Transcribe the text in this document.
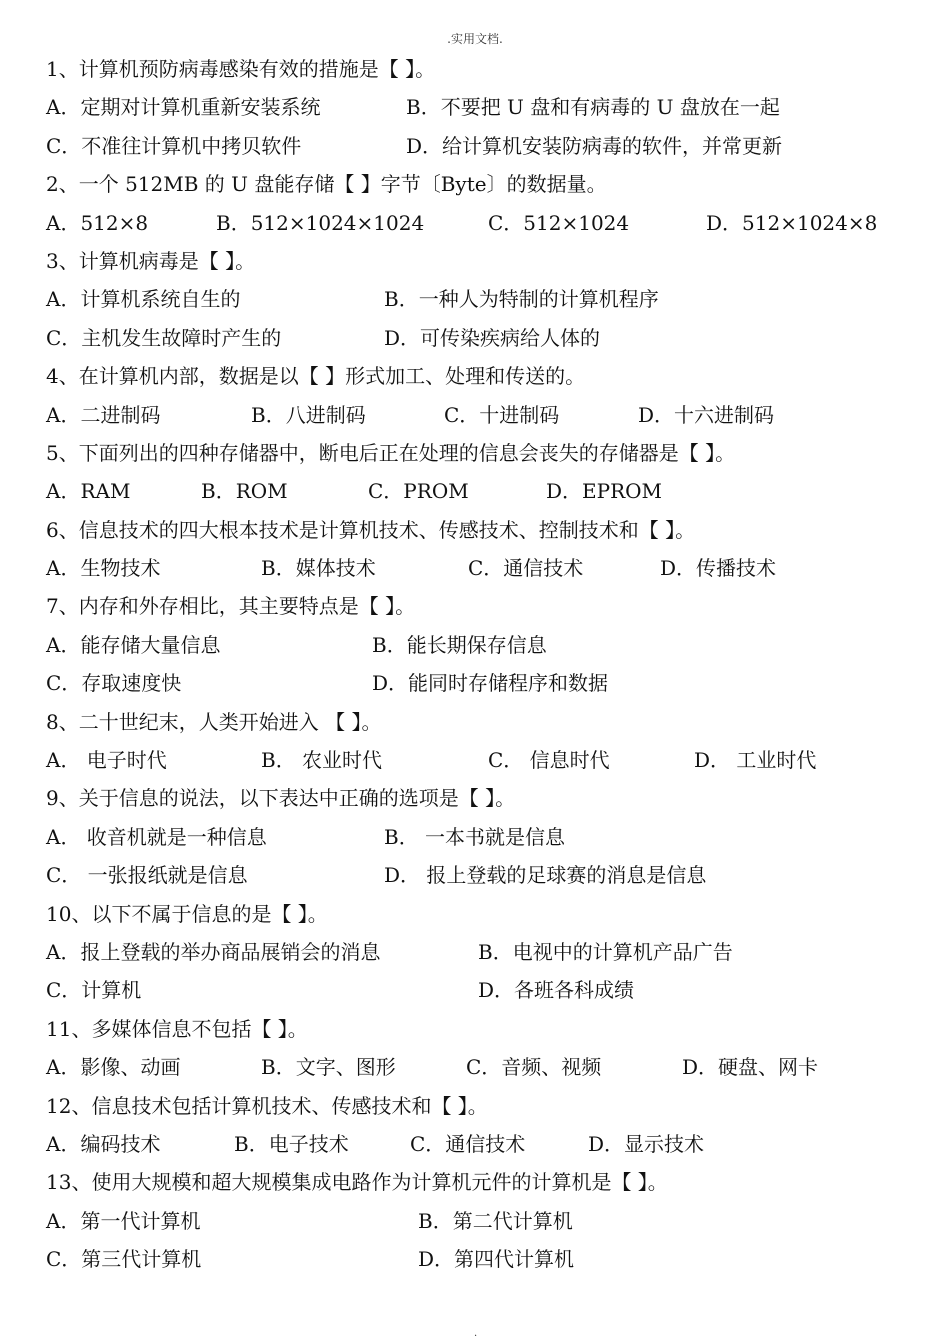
.实用文档.
1、计算机预防病毒感染有效的措施是【 】。
A．定期对计算机重新安装系统	B．不要把 U 盘和有病毒的 U 盘放在一起
C．不准往计算机中拷贝软件	D．给计算机安装防病毒的软件，并常更新
2、一个 512MB 的 U 盘能存储【 】字节〔Byte〕的数据量。
A．512×8	B．512×1024×1024	C．512×1024	D．512×1024×8
3、计算机病毒是【 】。
A．计算机系统自生的	B．一种人为特制的计算机程序
C．主机发生故障时产生的	D．可传染疾病给人体的
4、在计算机内部，数据是以【 】形式加工、处理和传送的。
A．二进制码	B．八进制码	C．十进制码	D．十六进制码
5、下面列出的四种存储器中，断电后正在处理的信息会丧失的存储器是【 】。
A．RAM	B．ROM	C．PROM	D．EPROM
6、信息技术的四大根本技术是计算机技术、传感技术、控制技术和【 】。
A．生物技术	B．媒体技术	C．通信技术	D．传播技术
7、内存和外存相比，其主要特点是【 】。
A．能存储大量信息	B．能长期保存信息
C．存取速度快	D．能同时存储程序和数据
8、二十世纪末，人类开始进入 【 】。
A． 电子时代	B． 农业时代	C． 信息时代	D． 工业时代
9、关于信息的说法，以下表达中正确的选项是【 】。
A． 收音机就是一种信息	B． 一本书就是信息
C． 一张报纸就是信息	D． 报上登载的足球赛的消息是信息
10、以下不属于信息的是【 】。
A．报上登载的举办商品展销会的消息	B．电视中的计算机产品广告
C．计算机	D．各班各科成绩
11、多媒体信息不包括【 】。
A．影像、动画	B．文字、图形	C．音频、视频	D．硬盘、网卡
12、信息技术包括计算机技术、传感技术和【 】。
A．编码技术	B．电子技术	C．通信技术	D．显示技术
13、使用大规模和超大规模集成电路作为计算机元件的计算机是【 】。
A．第一代计算机	B．第二代计算机
C．第三代计算机	D．第四代计算机
.
